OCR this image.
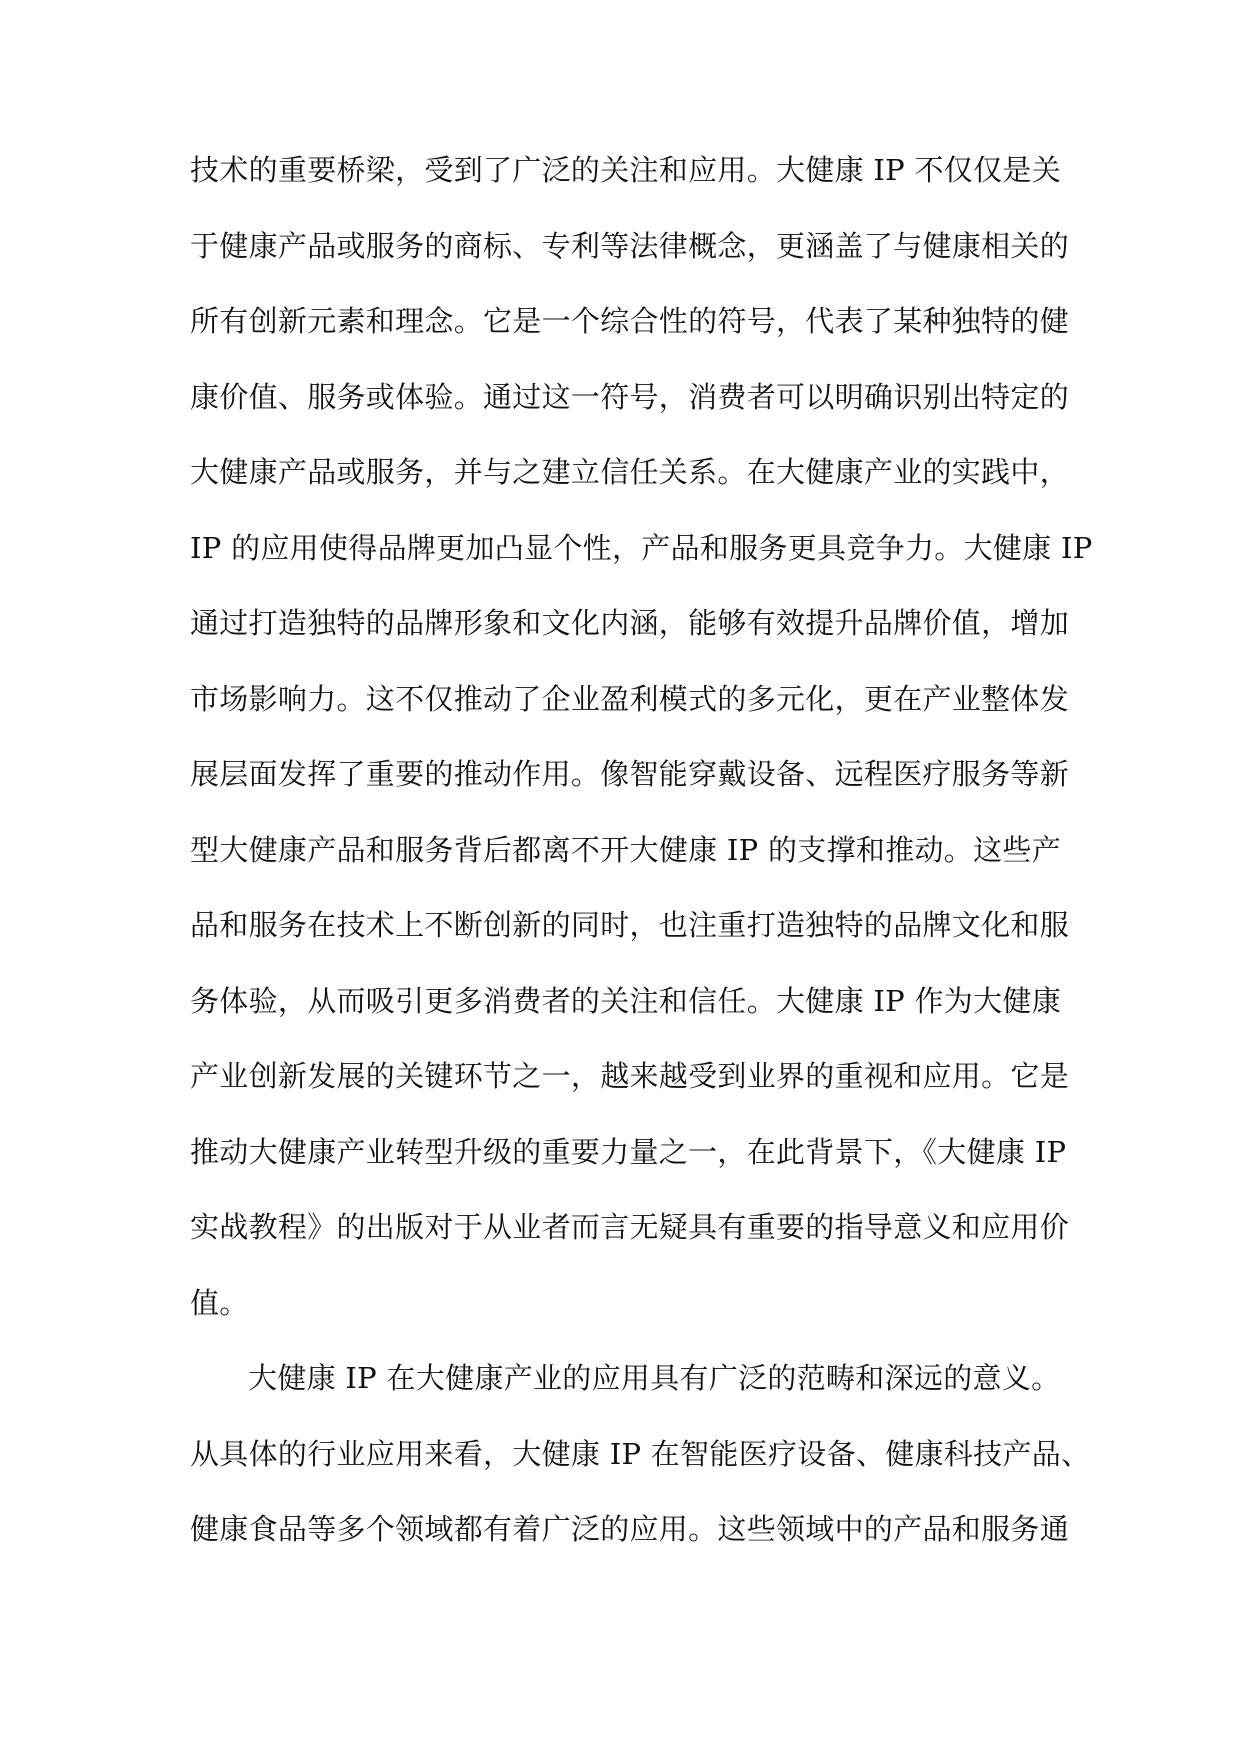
技术的重要桥梁，受到了广泛的关注和应用。大健康 IP 不仅仅是关
于健康产品或服务的商标、专利等法律概念，更涵盖了与健康相关的
所有创新元素和理念。它是一个综合性的符号，代表了某种独特的健
康价值、服务或体验。通过这一符号，消费者可以明确识别出特定的
大健康产品或服务，并与之建立信任关系。在大健康产业的实践中，
IP 的应用使得品牌更加凸显个性，产品和服务更具竞争力。大健康 IP
通过打造独特的品牌形象和文化内涵，能够有效提升品牌价值，增加
市场影响力。这不仅推动了企业盈利模式的多元化，更在产业整体发
展层面发挥了重要的推动作用。像智能穿戴设备、远程医疗服务等新
型大健康产品和服务背后都离不开大健康 IP 的支撑和推动。这些产
品和服务在技术上不断创新的同时，也注重打造独特的品牌文化和服
务体验，从而吸引更多消费者的关注和信任。大健康 IP 作为大健康
产业创新发展的关键环节之一，越来越受到业界的重视和应用。它是
推动大健康产业转型升级的重要力量之一，在此背景下，《大健康 IP
实战教程》的出版对于从业者而言无疑具有重要的指导意义和应用价
值。
大健康 IP 在大健康产业的应用具有广泛的范畴和深远的意义。
从具体的行业应用来看，大健康 IP 在智能医疗设备、健康科技产品、
健康食品等多个领域都有着广泛的应用。这些领域中的产品和服务通
